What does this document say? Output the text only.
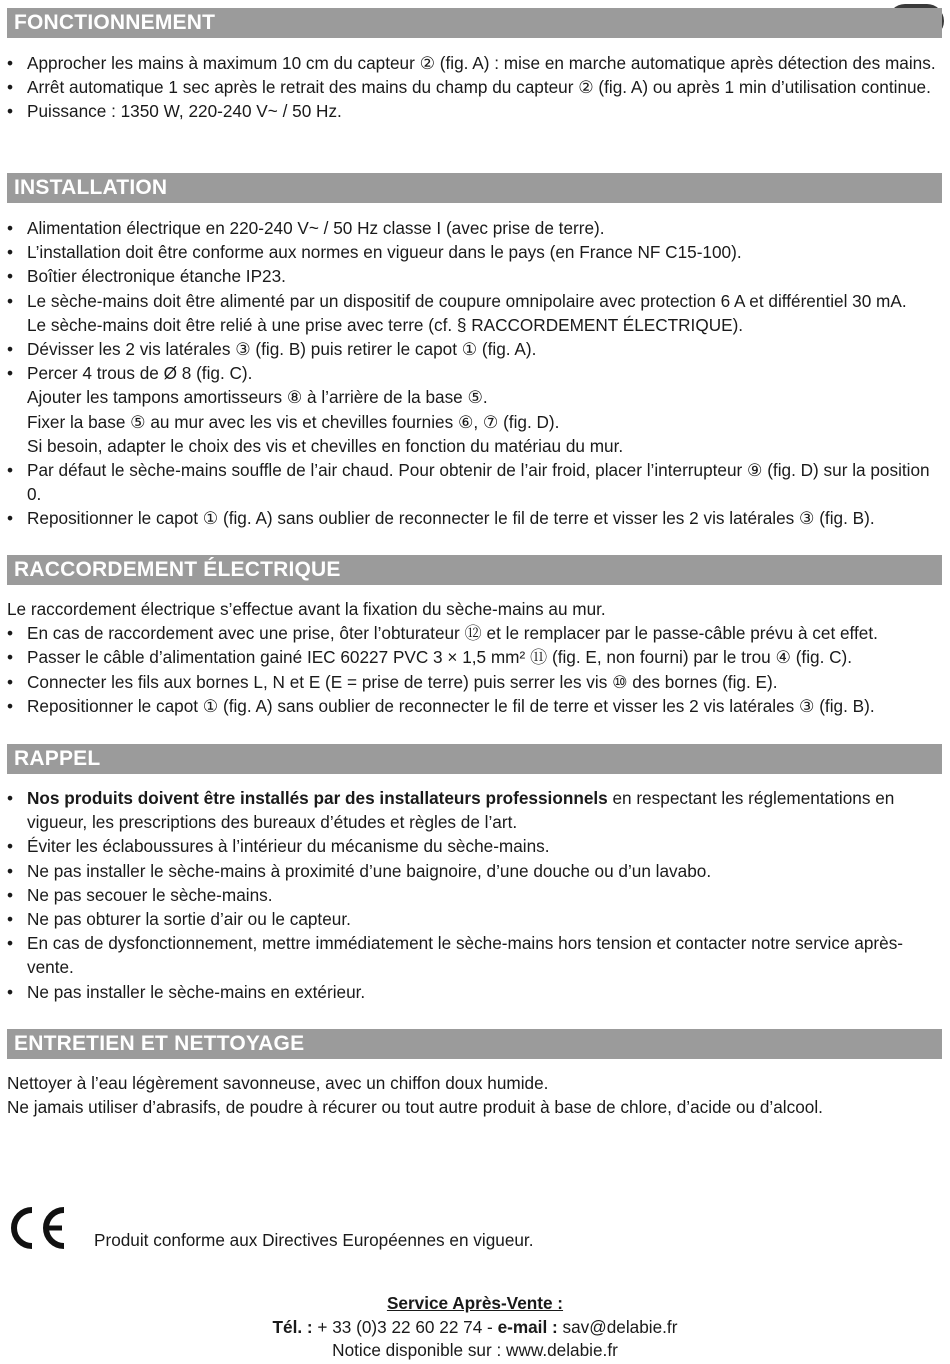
FONCTIONNEMENT
• Approcher les mains à maximum 10 cm du capteur ② (fig. A) : mise en marche automatique après détection des mains.
• Arrêt automatique 1 sec après le retrait des mains du champ du capteur ② (fig. A) ou après 1 min d’utilisation continue.
• Puissance : 1350 W, 220-240 V~ / 50 Hz.
INSTALLATION
• Alimentation électrique en 220-240 V~ / 50 Hz classe I (avec prise de terre).
• L’installation doit être conforme aux normes en vigueur dans le pays (en France NF C15-100).
• Boîtier électronique étanche IP23.
• Le sèche-mains doit être alimenté par un dispositif de coupure omnipolaire avec protection 6 A et différentiel 30 mA.
Le sèche-mains doit être relié à une prise avec terre (cf. § RACCORDEMENT ÉLECTRIQUE).
• Dévisser les 2 vis latérales ③ (fig. B) puis retirer le capot ① (fig. A).
• Percer 4 trous de Ø 8 (fig. C).
Ajouter les tampons amortisseurs ⑧ à l’arrière de la base ⑤.
Fixer la base ⑤ au mur avec les vis et chevilles fournies ⑥, ⑦ (fig. D).
Si besoin, adapter le choix des vis et chevilles en fonction du matériau du mur.
• Par défaut le sèche-mains souffle de l’air chaud. Pour obtenir de l’air froid, placer l’interrupteur ⑨ (fig. D) sur la position 0.
• Repositionner le capot ① (fig. A) sans oublier de reconnecter le fil de terre et visser les 2 vis latérales ③ (fig. B).
RACCORDEMENT ÉLECTRIQUE
Le raccordement électrique s’effectue avant la fixation du sèche-mains au mur.
• En cas de raccordement avec une prise, ôter l’obturateur ⑫ et le remplacer par le passe-câble prévu à cet effet.
• Passer le câble d’alimentation gainé IEC 60227 PVC 3 × 1,5 mm² ⑪ (fig. E, non fourni) par le trou ④ (fig. C).
• Connecter les fils aux bornes L, N et E (E = prise de terre) puis serrer les vis ⑩ des bornes (fig. E).
• Repositionner le capot ① (fig. A) sans oublier de reconnecter le fil de terre et visser les 2 vis latérales ③ (fig. B).
RAPPEL
• Nos produits doivent être installés par des installateurs professionnels en respectant les réglementations en vigueur, les prescriptions des bureaux d’études et règles de l’art.
• Éviter les éclaboussures à l’intérieur du mécanisme du sèche-mains.
• Ne pas installer le sèche-mains à proximité d’une baignoire, d’une douche ou d’un lavabo.
• Ne pas secouer le sèche-mains.
• Ne pas obturer la sortie d’air ou le capteur.
• En cas de dysfonctionnement, mettre immédiatement le sèche-mains hors tension et contacter notre service après-vente.
• Ne pas installer le sèche-mains en extérieur.
ENTRETIEN ET NETTOYAGE
Nettoyer à l’eau légèrement savonneuse, avec un chiffon doux humide.
Ne jamais utiliser d’abrasifs, de poudre à récurer ou tout autre produit à base de chlore, d’acide ou d’alcool.
Produit conforme aux Directives Européennes en vigueur.
Service Après-Vente :
Tél. : + 33 (0)3 22 60 22 74 - e-mail : sav@delabie.fr
Notice disponible sur : www.delabie.fr
